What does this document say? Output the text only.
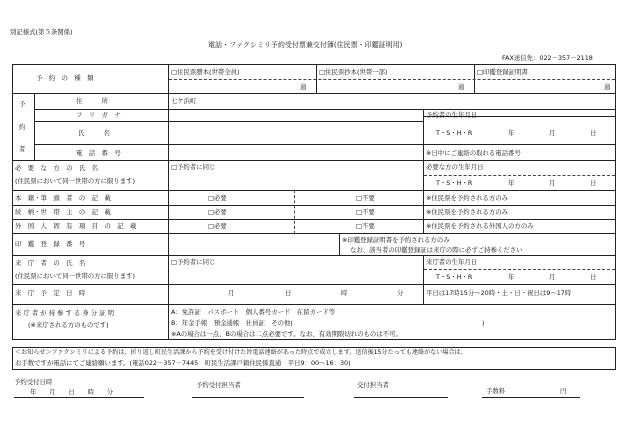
別記様式(第５条関係)
電話・ファクシミリ予約受付票兼交付簿(住民票・印鑑証明用)
FAX送信先：022－357－2118
予　約　の　種　類
□住民票謄本(世帯全員)	□住民票抄本(世帯一部)	□印鑑登録証明書
通	通	通
予
約
者
住　　　所	七ケ浜町
フ　リ　ガ　ナ
氏　　　名
電　話　番　号
予約者の生年月日
T・S・H・R	年	月	日
※日中にご連絡の取れる電話番号
必　要　な　方　の　氏　名
(住民票において同一世帯の方に限ります)
□予約者に同じ	必要な方の生年月日
T・S・H・R	年	月	日
本　籍・筆　頭　者　の　記　載	□必要	□不要	※住民票を予約される方のみ
続　柄・世　帯　主　の　記　載	□必要	□不要	※住民票を予約される方のみ
外　国　人　固　有　項　目　の　記　載	□必要	□不要	※住民票を予約される外国人の方のみ
印　鑑　登　録　番　号	※印鑑登録証明書を予約される方のみ
なお、該当者の印鑑登録証は来庁の際に必ずご持参ください
来　庁　者　の　氏　名
(住民票において同一世帯の方に限ります)
□予約者に同じ	来庁者の生年月日
T・S・H・R	年	月	日
来　庁　予　定　日　時	月	日	時	分	平日は17時15分～20時・土・日・祝日は9～17時
来 庁 者 が 持 参 す る 身 分 証 明
(※来庁される方のものです)
A：免許証　パスポート　個人番号カード　在留カード等
B：年金手帳　預金通帳　社員証　その他(	)
※Aの場合は一点、Bの場合は二点必要です。なお、有効期限切れのものは不可。
＜お知らせ＞ファクシミリによる予約は、折り返し町民生活課から予約を受け付けた旨電話連絡があった時点で成立します。送信後15分たっても連絡がない場合は、
お手数ですが電話にてご連絡願います。(電話022－357－7445　町民生活課戸籍住民係直通　平日9：00～16：30)
予約受付日時
年　　月　　日　　時　　分
予約受付担当者	交付担当者
手数料	円
